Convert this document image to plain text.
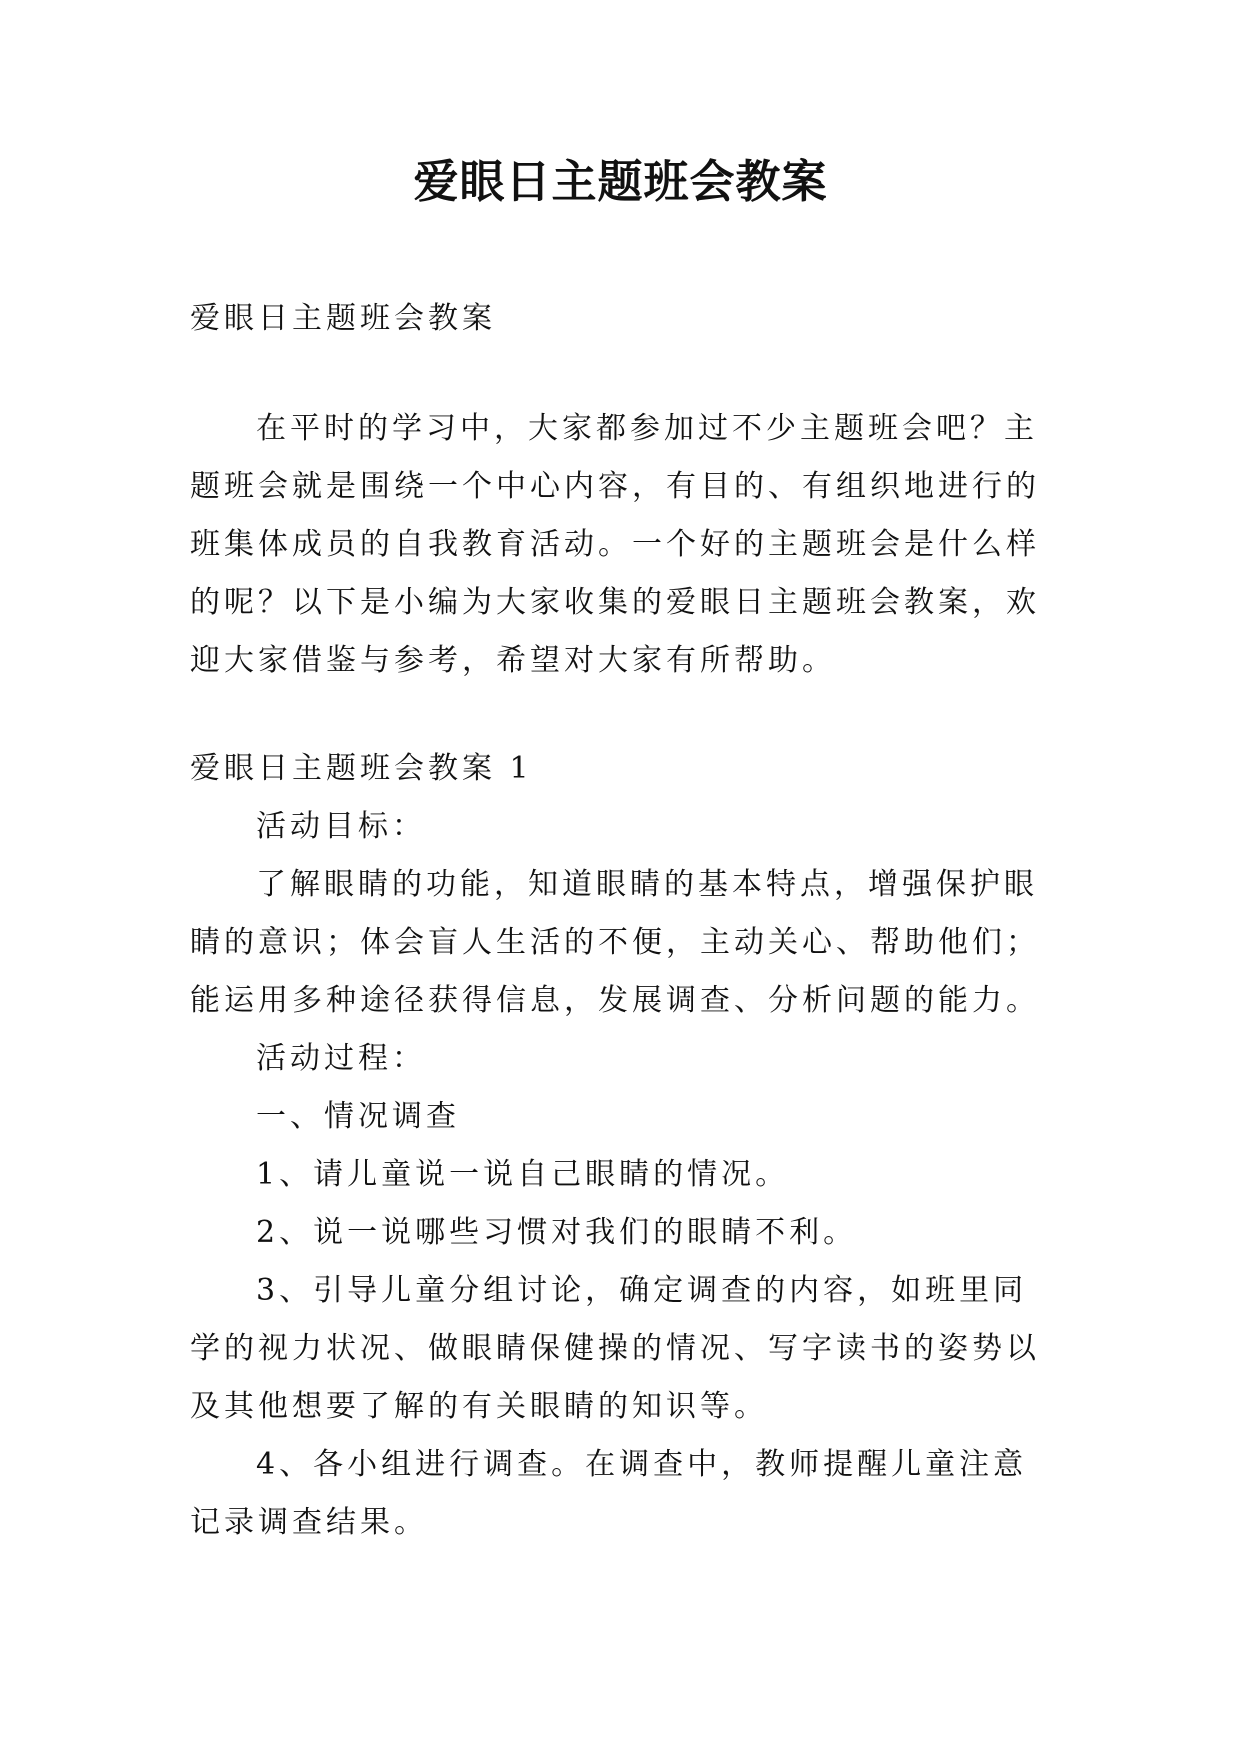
爱眼日主题班会教案

爱眼日主题班会教案

在平时的学习中，大家都参加过不少主题班会吧？主题班会就是围绕一个中心内容，有目的、有组织地进行的班集体成员的自我教育活动。一个好的主题班会是什么样的呢？以下是小编为大家收集的爱眼日主题班会教案，欢迎大家借鉴与参考，希望对大家有所帮助。

爱眼日主题班会教案 1

活动目标：

了解眼睛的功能，知道眼睛的基本特点，增强保护眼睛的意识；体会盲人生活的不便，主动关心、帮助他们；能运用多种途径获得信息，发展调查、分析问题的能力。

活动过程：

一、情况调查

1、请儿童说一说自己眼睛的情况。

2、说一说哪些习惯对我们的眼睛不利。

3、引导儿童分组讨论，确定调查的内容，如班里同学的视力状况、做眼睛保健操的情况、写字读书的姿势以及其他想要了解的有关眼睛的知识等。

4、各小组进行调查。在调查中，教师提醒儿童注意记录调查结果。
